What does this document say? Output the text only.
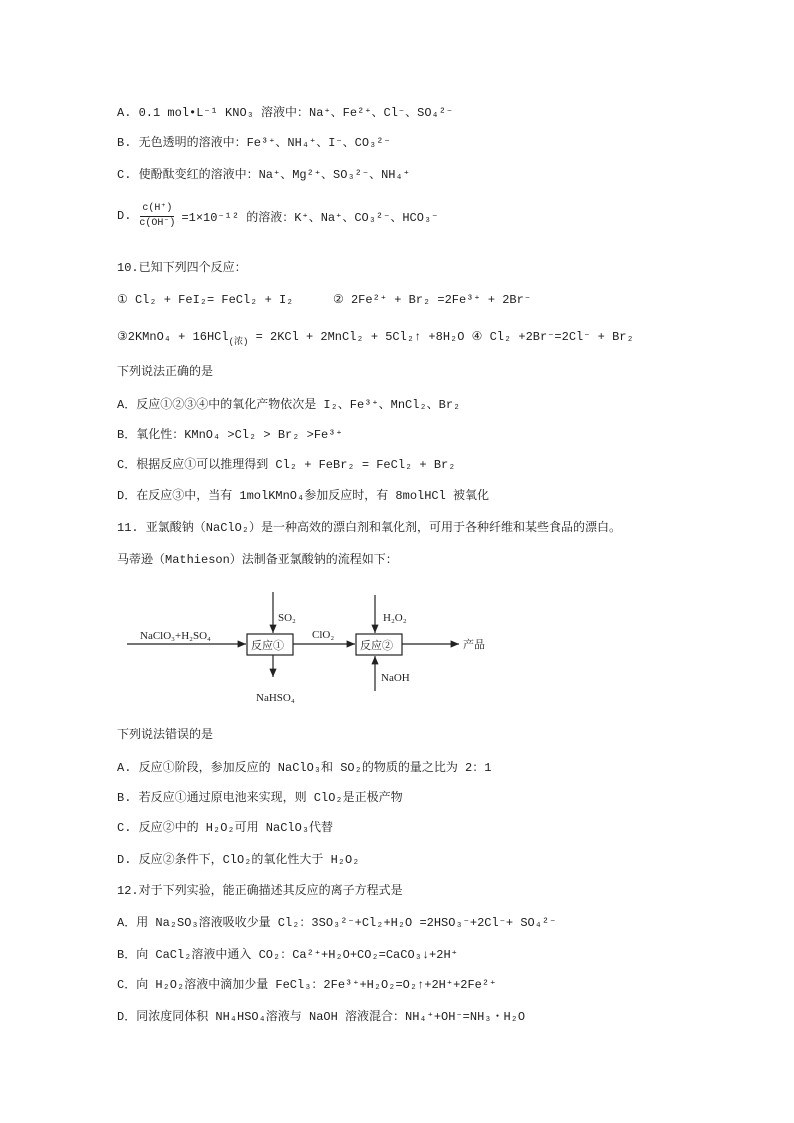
A. 0.1 mol•L⁻¹ KNO₃ 溶液中：Na⁺、Fe²⁺、Cl⁻、SO₄²⁻
B. 无色透明的溶液中：Fe³⁺、NH₄⁺、I⁻、CO₃²⁻
C. 使酚酞变红的溶液中：Na⁺、Mg²⁺、SO₃²⁻、NH₄⁺
D. $\frac{c(H^+)}{c(OH^-)} =1\times 10^{-12}$ 的溶液：K⁺、Na⁺、CO₃²⁻、HCO₃⁻
10.已知下列四个反应：
① Cl₂ + FeI₂= FeCl₂ + I₂	② 2Fe²⁺ + Br₂ =2Fe³⁺ + 2Br⁻
③2KMnO₄ + 16HCl$_{(浓)}$ = 2KCl + 2MnCl₂ + 5Cl₂↑ +8H₂O ④ Cl₂ +2Br⁻=2Cl⁻ + Br₂
下列说法正确的是
A．反应①②③④中的氧化产物依次是 I₂、Fe³⁺、MnCl₂、Br₂
B．氧化性：KMnO₄ >Cl₂ > Br₂ >Fe³⁺
C．根据反应①可以推理得到 Cl₂ + FeBr₂ = FeCl₂ + Br₂
D．在反应③中，当有 1molKMnO₄参加反应时，有 8molHCl 被氧化
11. 亚氯酸钠（NaClO₂）是一种高效的漂白剂和氧化剂，可用于各种纤维和某些食品的漂白。
马蒂逊（Mathieson）法制备亚氯酸钠的流程如下：
NaClO₃+H₂SO₄
反应①
SO₂
NaHSO₄
ClO₂
反应②
H₂O₂
NaOH
产品
下列说法错误的是
A. 反应①阶段，参加反应的 NaClO₃和 SO₂的物质的量之比为 2：1
B. 若反应①通过原电池来实现，则 ClO₂是正极产物
C. 反应②中的 H₂O₂可用 NaClO₃代替
D. 反应②条件下，ClO₂的氧化性大于 H₂O₂
12.对于下列实验，能正确描述其反应的离子方程式是
A．用 Na₂SO₃溶液吸收少量 Cl₂：3SO₃²⁻+Cl₂+H₂O =2HSO₃⁻+2Cl⁻+ SO₄²⁻
B．向 CaCl₂溶液中通入 CO₂：Ca²⁺+H₂O+CO₂=CaCO₃↓+2H⁺
C．向 H₂O₂溶液中滴加少量 FeCl₃：2Fe³⁺+H₂O₂=O₂↑+2H⁺+2Fe²⁺
D．同浓度同体积 NH₄HSO₄溶液与 NaOH 溶液混合：NH₄⁺+OH⁻=NH₃・H₂O
